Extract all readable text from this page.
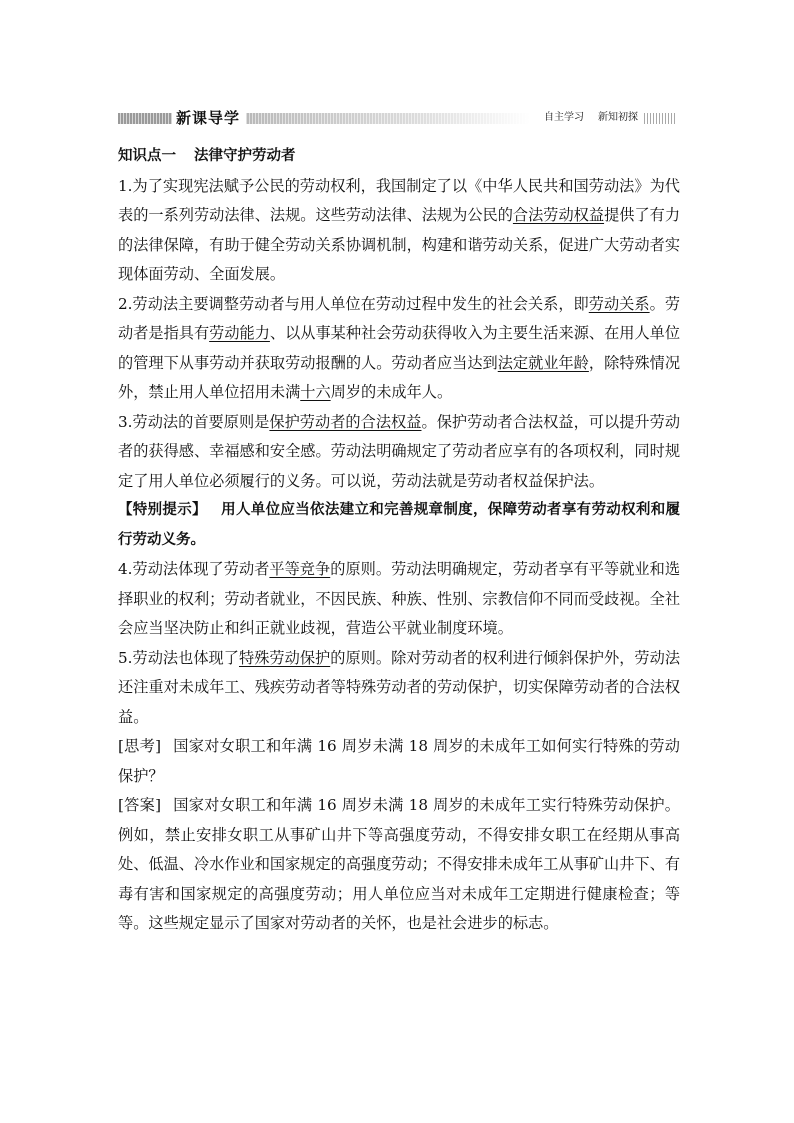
新课导学	自主学习 新知初探

知识点一 法律守护劳动者

1.为了实现宪法赋予公民的劳动权利，我国制定了以《中华人民共和国劳动法》为代表的一系列劳动法律、法规。这些劳动法律、法规为公民的合法劳动权益提供了有力的法律保障，有助于健全劳动关系协调机制，构建和谐劳动关系，促进广大劳动者实现体面劳动、全面发展。

2.劳动法主要调整劳动者与用人单位在劳动过程中发生的社会关系，即劳动关系。劳动者是指具有劳动能力、以从事某种社会劳动获得收入为主要生活来源、在用人单位的管理下从事劳动并获取劳动报酬的人。劳动者应当达到法定就业年龄，除特殊情况外，禁止用人单位招用未满十六周岁的未成年人。

3.劳动法的首要原则是保护劳动者的合法权益。保护劳动者合法权益，可以提升劳动者的获得感、幸福感和安全感。劳动法明确规定了劳动者应享有的各项权利，同时规定了用人单位必须履行的义务。可以说，劳动法就是劳动者权益保护法。

【特别提示】 用人单位应当依法建立和完善规章制度，保障劳动者享有劳动权利和履行劳动义务。

4.劳动法体现了劳动者平等竞争的原则。劳动法明确规定，劳动者享有平等就业和选择职业的权利；劳动者就业，不因民族、种族、性别、宗教信仰不同而受歧视。全社会应当坚决防止和纠正就业歧视，营造公平就业制度环境。

5.劳动法也体现了特殊劳动保护的原则。除对劳动者的权利进行倾斜保护外，劳动法还注重对未成年工、残疾劳动者等特殊劳动者的劳动保护，切实保障劳动者的合法权益。

[思考] 国家对女职工和年满 16 周岁未满 18 周岁的未成年工如何实行特殊的劳动保护？

[答案] 国家对女职工和年满 16 周岁未满 18 周岁的未成年工实行特殊劳动保护。例如，禁止安排女职工从事矿山井下等高强度劳动，不得安排女职工在经期从事高处、低温、冷水作业和国家规定的高强度劳动；不得安排未成年工从事矿山井下、有毒有害和国家规定的高强度劳动；用人单位应当对未成年工定期进行健康检查；等等。这些规定显示了国家对劳动者的关怀，也是社会进步的标志。
